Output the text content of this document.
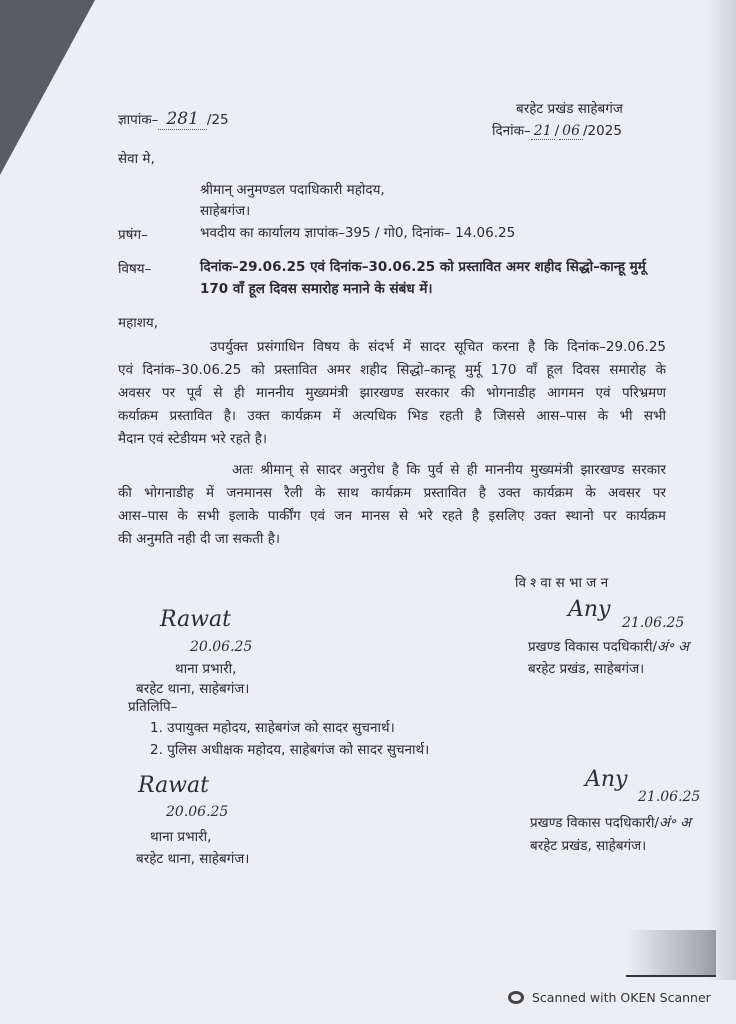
ज्ञापांक– 281 /25
बरहेट प्रखंड साहेबगंज
दिनांक– 21 / 06 /2025
सेवा मे,
श्रीमान् अनुमण्डल पदाधिकारी महोदय,
साहेबगंज।
प्रषंग–	भवदीय का कार्यालय ज्ञापांक–395 / गो0, दिनांक– 14.06.25
विषय–	दिनांक–29.06.25 एवं दिनांक–30.06.25 को प्रस्तावित अमर शहीद सिद्धो–कान्हू मुर्मू
170 वॉं हूल दिवस समारोह मनाने के संबंध में।
महाशय,
उपर्युक्त प्रसंगाधिन विषय के संदर्भ में सादर सूचित करना है कि दिनांक–29.06.25
एवं दिनांक–30.06.25 को प्रस्तावित अमर शहीद सिद्धो–कान्हू मुर्मू 170 वॉं हूल दिवस समारोह के
अवसर पर पूर्व से ही माननीय मुख्यमंत्री झारखण्ड सरकार की भोगनाडीह आगमन एवं परिभ्रमण
कर्याक्रम प्रस्तावित है। उक्त कार्यक्रम में अत्यधिक भिड रहती है जिससे आस–पास के भी सभी
मैदान एवं स्टेडीयम भरे रहते है।
अतः श्रीमान् से सादर अनुरोध है कि पुर्व से ही माननीय मुख्यमंत्री झारखण्ड सरकार
की भोगनाडीह में जनमानस रैली के साथ कार्यक्रम प्रस्तावित है उक्त कार्यक्रम के अवसर पर
आस–पास के सभी इलाके पार्कींग एवं जन मानस से भरे रहते है इसलिए उक्त स्थानो पर कार्यक्रम
की अनुमति नही दी जा सकती है।
वि श्‍ वा स भा ज न
Rawat
20.06.25
थाना प्रभारी,
बरहेट थाना, साहेबगंज।
Any
21.06.25
प्रखण्ड विकास पदधिकारी/अं॰ अ
बरहेट प्रखंड, साहेबगंज।
प्रतिलिपि–
1. उपायुक्त महोदय, साहेबगंज को सादर सुचनार्थ।
2. पुलिस अधीक्षक महोदय, साहेबगंज को सादर सुचनार्थ।
Rawat
20.06.25
थाना प्रभारी,
बरहेट थाना, साहेबगंज।
Any
21.06.25
प्रखण्ड विकास पदधिकारी/अं॰ अ
बरहेट प्रखंड, साहेबगंज।
Scanned with OKEN Scanner
